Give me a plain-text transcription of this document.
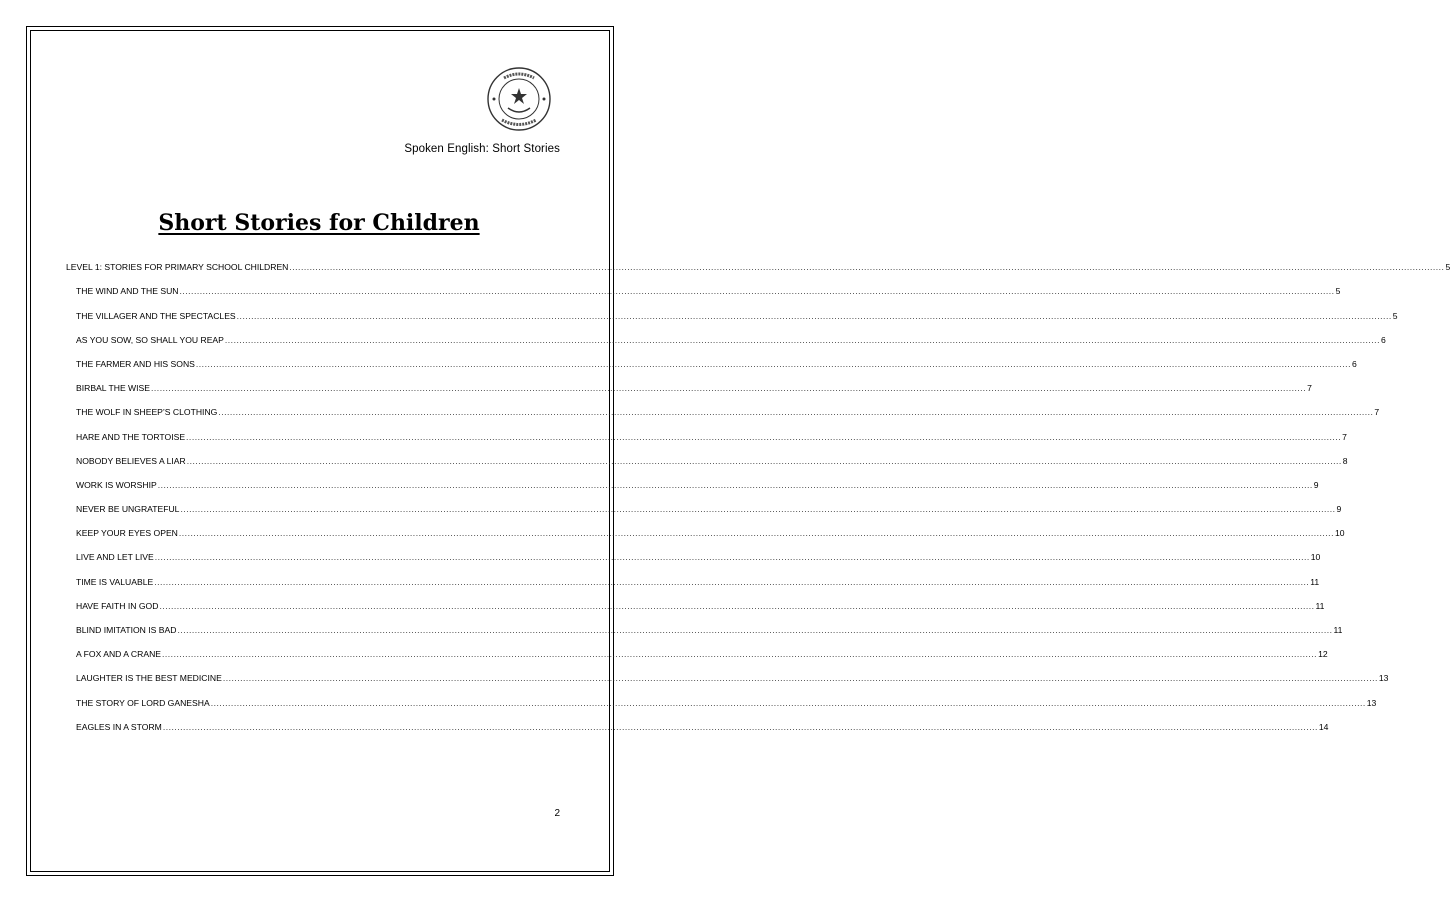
Spoken English: Short Stories
Short Stories for Children
LEVEL 1: STORIES FOR PRIMARY SCHOOL CHILDREN ................................................................................................................................................................................................................................................................................................................................................................................................................ 5
THE WIND AND THE SUN ................................................................................................................................................................................................................................................................................................................................................................................................................ 5
THE VILLAGER AND THE SPECTACLES ................................................................................................................................................................................................................................................................................................................................................................................................................ 5
AS YOU SOW, SO SHALL YOU REAP ................................................................................................................................................................................................................................................................................................................................................................................................................ 6
THE FARMER AND HIS SONS ................................................................................................................................................................................................................................................................................................................................................................................................................ 6
BIRBAL THE WISE ................................................................................................................................................................................................................................................................................................................................................................................................................ 7
THE WOLF IN SHEEP’S CLOTHING ................................................................................................................................................................................................................................................................................................................................................................................................................ 7
HARE AND THE TORTOISE ................................................................................................................................................................................................................................................................................................................................................................................................................ 7
NOBODY BELIEVES A LIAR ................................................................................................................................................................................................................................................................................................................................................................................................................ 8
WORK IS WORSHIP ................................................................................................................................................................................................................................................................................................................................................................................................................ 9
NEVER BE UNGRATEFUL ................................................................................................................................................................................................................................................................................................................................................................................................................ 9
KEEP YOUR EYES OPEN ................................................................................................................................................................................................................................................................................................................................................................................................................ 10
LIVE AND LET LIVE ................................................................................................................................................................................................................................................................................................................................................................................................................ 10
TIME IS VALUABLE ................................................................................................................................................................................................................................................................................................................................................................................................................ 11
HAVE FAITH IN GOD ................................................................................................................................................................................................................................................................................................................................................................................................................ 11
BLIND IMITATION IS BAD ................................................................................................................................................................................................................................................................................................................................................................................................................ 11
A FOX AND A CRANE ................................................................................................................................................................................................................................................................................................................................................................................................................ 12
LAUGHTER IS THE BEST MEDICINE ................................................................................................................................................................................................................................................................................................................................................................................................................ 13
THE STORY OF LORD GANESHA ................................................................................................................................................................................................................................................................................................................................................................................................................ 13
EAGLES IN A STORM ................................................................................................................................................................................................................................................................................................................................................................................................................ 14
2
